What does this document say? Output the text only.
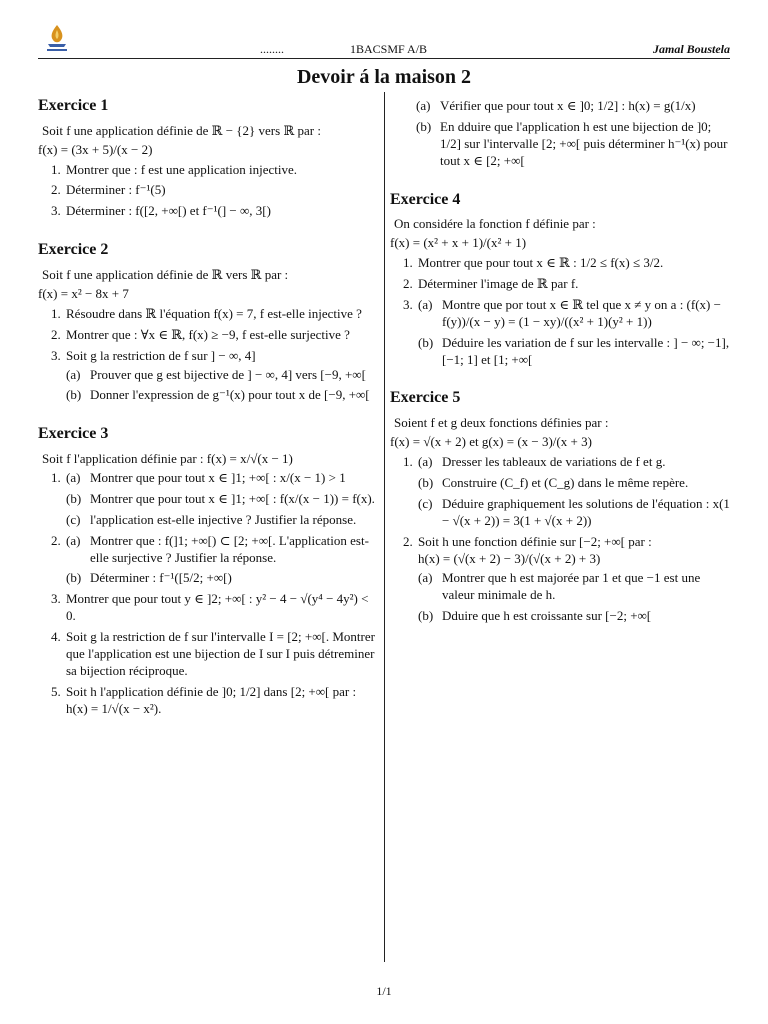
........	1BACSMF A/B	Jamal Boustela
Devoir á la maison 2
Exercice 1
Soit f une application définie de ℝ − {2} vers ℝ par :
f(x) = (3x + 5)/(x − 2)
1. Montrer que : f est une application injective.
2. Déterminer : f⁻¹(5)
3. Déterminer : f([2, +∞[) et f⁻¹(] − ∞, 3[)
Exercice 2
Soit f une application définie de ℝ vers ℝ par :
f(x) = x² − 8x + 7
1. Résoudre dans ℝ l'équation f(x) = 7, f est-elle injective ?
2. Montrer que : ∀x ∈ ℝ, f(x) ≥ −9, f est-elle surjective ?
3. Soit g la restriction de f sur ] − ∞, 4]
(a) Prouver que g est bijective de ] − ∞, 4] vers [−9, +∞[
(b) Donner l'expression de g⁻¹(x) pour tout x de [−9, +∞[
Exercice 3
Soit f l'application définie par : f(x) = x/√(x − 1)
1. (a) Montrer que pour tout x ∈ ]1; +∞[ : x/(x − 1) > 1
(b) Montrer que pour tout x ∈ ]1; +∞[ : f(x/(x − 1)) = f(x).
(c) l'application est-elle injective ? Justifier la réponse.
2. (a) Montrer que : f(]1; +∞[) ⊂ [2; +∞[. L'application est-elle surjective ? Justifier la réponse.
(b) Déterminer : f⁻¹([5/2; +∞[)
3. Montrer que pour tout y ∈ ]2; +∞[ : y² − 4 − √(y⁴ − 4y²) < 0.
4. Soit g la restriction de f sur l'intervalle I = [2; +∞[. Montrer que l'application est une bijection de I sur I puis détreminer sa bijection réciproque.
5. Soit h l'application définie de ]0; 1/2] dans [2; +∞[ par : h(x) = 1/√(x − x²).
(a) Vérifier que pour tout x ∈ ]0; 1/2] : h(x) = g(1/x)
(b) En dduire que l'application h est une bijection de ]0; 1/2] sur l'intervalle [2; +∞[ puis déterminer h⁻¹(x) pour tout x ∈ [2; +∞[
Exercice 4
On considére la fonction f définie par :
f(x) = (x² + x + 1)/(x² + 1)
1. Montrer que pour tout x ∈ ℝ : 1/2 ≤ f(x) ≤ 3/2.
2. Déterminer l'image de ℝ par f.
3. (a) Montre que por tout x ∈ ℝ tel que x ≠ y on a : (f(x) − f(y))/(x − y) = (1 − xy)/((x² + 1)(y² + 1))
(b) Déduire les variation de f sur les intervalle : ] − ∞; −1], [−1; 1] et [1; +∞[
Exercice 5
Soient f et g deux fonctions définies par :
f(x) = √(x + 2) et g(x) = (x − 3)/(x + 3)
1. (a) Dresser les tableaux de variations de f et g.
(b) Construire (C_f) et (C_g) dans le même repère.
(c) Déduire graphiquement les solutions de l'équation : x(1 − √(x + 2)) = 3(1 + √(x + 2))
2. Soit h une fonction définie sur [−2; +∞[ par :
h(x) = (√(x + 2) − 3)/(√(x + 2) + 3)
(a) Montrer que h est majorée par 1 et que −1 est une valeur minimale de h.
(b) Dduire que h est croissante sur [−2; +∞[
1/1
